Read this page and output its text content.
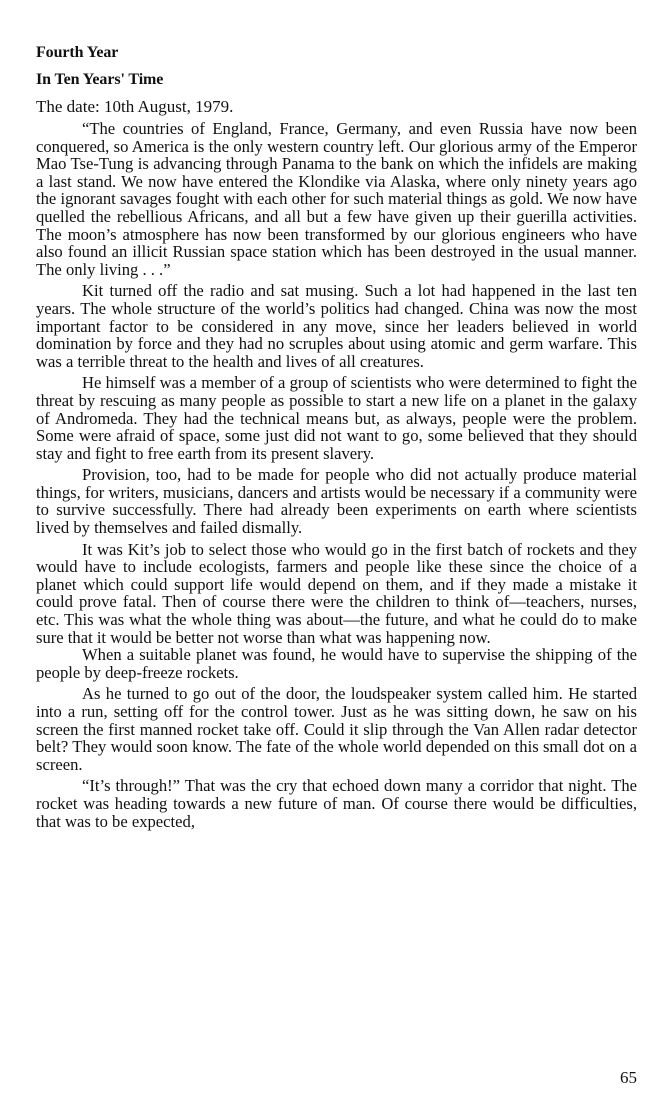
Fourth Year
In Ten Years' Time
The date: 10th August, 1979.

“The countries of England, France, Germany, and even Russia have now been conquered, so America is the only western country left. Our glorious army of the Emperor Mao Tse-Tung is advancing through Panama to the bank on which the infidels are making a last stand. We now have entered the Klondike via Alaska, where only ninety years ago the ignorant savages fought with each other for such material things as gold. We now have quelled the rebellious Africans, and all but a few have given up their guerilla activities. The moon’s atmosphere has now been transformed by our glorious engineers who have also found an illicit Russian space station which has been destroyed in the usual manner. The only living . . .”

Kit turned off the radio and sat musing. Such a lot had happened in the last ten years. The whole structure of the world’s politics had changed. China was now the most important factor to be considered in any move, since her leaders believed in world domination by force and they had no scruples about using atomic and germ warfare. This was a terrible threat to the health and lives of all creatures.

He himself was a member of a group of scientists who were determined to fight the threat by rescuing as many people as possible to start a new life on a planet in the galaxy of Andromeda. They had the technical means but, as always, people were the problem. Some were afraid of space, some just did not want to go, some believed that they should stay and fight to free earth from its present slavery.

Provision, too, had to be made for people who did not actually produce material things, for writers, musicians, dancers and artists would be necessary if a community were to survive successfully. There had already been experiments on earth where scientists lived by themselves and failed dismally.

It was Kit’s job to select those who would go in the first batch of rockets and they would have to include ecologists, farmers and people like these since the choice of a planet which could support life would depend on them, and if they made a mistake it could prove fatal. Then of course there were the children to think of—teachers, nurses, etc. This was what the whole thing was about—the future, and what he could do to make sure that it would be better not worse than what was happening now.

When a suitable planet was found, he would have to supervise the shipping of the people by deep-freeze rockets.

As he turned to go out of the door, the loudspeaker system called him. He started into a run, setting off for the control tower. Just as he was sitting down, he saw on his screen the first manned rocket take off. Could it slip through the Van Allen radar detector belt? They would soon know. The fate of the whole world depended on this small dot on a screen.

“It’s through!” That was the cry that echoed down many a corridor that night. The rocket was heading towards a new future of man. Of course there would be difficulties, that was to be expected,

65
